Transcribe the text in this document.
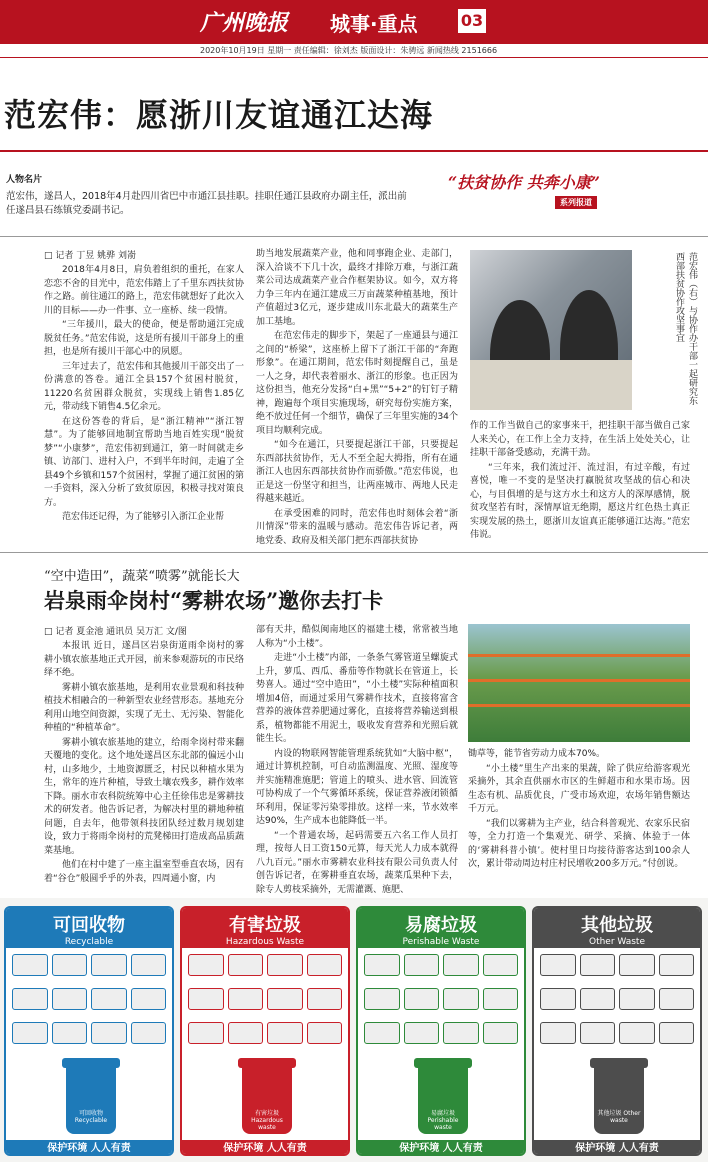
广州晚报 城事·重点	03
2020年10月19日 星期一 责任编辑：徐刘杰 版面设计：朱骋远 新闻热线 2151666
范宏伟：愿浙川友谊通江达海
人物名片
范宏伟，遂昌人，2018年4月赴四川省巴中市通江县挂职。挂职任通江县政府办副主任，派出前任遂昌县石练镇党委副书记。
“扶贫协作 共奔小康”
系列报道
□ 记者 丁昱 姚骅 刘嵛

2018年4月8日，肩负着组织的重托，在家人恋恋不舍的目光中，范宏伟踏上了千里东西扶贫协作之路。前往通江的路上，范宏伟就想好了此次入川的目标——办一件事、立一座桥、续一段情。

“三年援川，最大的使命，便是帮助通江完成脱贫任务。”范宏伟说，这是所有援川干部身上的重担，也是所有援川干部心中的夙愿。

三年过去了，范宏伟和其他援川干部交出了一份满意的答卷。通江全县157个贫困村脱贫，11220名贫困群众脱贫，实现线上销售1.85亿元，带动线下销售4.5亿余元。

在这份答卷的背后，是“浙江精神”“浙江智慧”。为了能够回地制宜帮助当地百姓实现“脱贫梦”“小康梦”，范宏伟初到通江，第一时间就走乡镇、访部门、进村入户，不到半年时间，走遍了全县49个乡镇和157个贫困村，掌握了通江贫困的第一手资料，深入分析了致贫原因，积极寻找对策良方。

范宏伟还记得，为了能够引入浙江企业帮

助当地发展蔬菜产业，他和同事跑企业、走部门，深入洽谈不下几十次，最终才排除万难，与浙江蔬菜公司达成蔬菜产业合作框架协议。如今，双方将力争三年内在通江建成三万亩蔬菜种植基地，预计产值超过3亿元，逐步建成川东北最大的蔬菜生产加工基地。

在范宏伟走的脚步下，架起了一座通县与通江之间的“桥梁”，这座桥上留下了浙江干部的“奔跑形象”。在通江期间，范宏伟时刻提醒自己，虽是一人之身，却代表着丽水、浙江的形象。也正因为这份担当，他充分发扬“白+黑”“5+2”的钉钉子精神，跑遍每个项目实施现场，研究每份实施方案，绝不放过任何一个细节，确保了三年里实施的34个项目均顺利完成。

“如今在通江，只要提起浙江干部，只要提起东西部扶贫协作，无人不至全起大拇指，所有在通浙江人也因东西部扶贫协作而骄傲。”范宏伟说，也正是这一份坚守和担当，让两座城市、两地人民走得越来越近。

在承受困难的同时，范宏伟也时刻体会着“浙川情深”带来的温暖与感动。范宏伟告诉记者，两地党委、政府及相关部门把东西部扶贫协

范宏伟（右）与协作办干部一起研究东西部扶贫协作攻坚事宜

作的工作当做自己的家事来干，把挂职干部当做自己家人来关心，在工作上全力支持，在生活上处处关心，让挂职干部备受感动，充满干劲。

“三年来，我们流过汗、流过泪，有过辛酸，有过喜悦，唯一不变的是坚决打赢脱贫攻坚战的信心和决心，与目俱增的是与这方水土和这方人的深厚感情，脱贫攻坚若有时，深情厚谊无绝期，愿这片红色热土真正实现发展的热土，愿浙川友谊真正能够通江达海。”范宏伟说。

“空中造田”，蔬菜“喷雾”就能长大
岩泉雨伞岗村“雾耕农场”邀你去打卡
□ 记者 夏金池 通讯员 吴万汇 文/图

本报讯 近日，遂昌区岩泉街道雨伞岗村的雾耕小镇农旅基地正式开园，前来参观游玩的市民络绎不绝。

雾耕小镇农旅基地，是利用农业景观和科技种植技术相融合的一种新型农业经营形态。基地充分利用山地空间资源，实现了无土、无污染、智能化种植的“种植革命”。

雾耕小镇农旅基地的建立，给雨伞岗村带来翻天覆地的变化。这个地处遂昌区东北部的偏远小山村，山多地少，土地资源匮乏，村民以种植水果为生，常年的连片种植，导致土壤农残多，耕作效率下降。丽水市农科院统筹中心主任徐伟忠是雾耕技术的研发者。他告诉记者，为解决村里的耕地种植问题，自去年，他带领科技团队经过数月规划建设，致力于将雨伞岗村的荒凳梯田打造成高品质蔬菜基地。

他们在村中建了一座主温室型垂直农场，因有着“谷仓”般圆乎乎的外表，四周通小窗，内

部有天井，酷似闽南地区的福建土楼，常常被当地人称为“小土楼”。

走进“小土楼”内部，一条条气雾管道呈螺旋式上升，萝瓜、西瓜、番茄等作物就长在管道上，长势喜人。通过“空中造田”，“小土楼”实际种植面积增加4倍，而通过采用气雾耕作技术，直接将富含营养的液体营养肥通过雾化，直接将营养输送到根系，植物都能不用泥土，吸收发育营养和光照后就能生长。

内设的物联网智能管理系统犹如“大脑中枢”，通过计算机控制，可自动监测温度、光照、湿度等并实施精准施肥；管道上的喷头、进水管、回流管可协构成了一个气雾循环系统，保证营养液闭锁循环利用，保证零污染零排放。这样一来，节水效率达90%，生产成本也能降低一半。

“一个普通农场，起码需要五六名工作人员打理，按每人日工资150元算，每天光人力成本就得八九百元。”丽水市雾耕农业科技有限公司负责人付创告诉记者，在雾耕垂直农场，蔬菜瓜果种下去，除专人剪枝采摘外，无需灌溉、施肥、

锄草等，能节省劳动力成本70%。

“小土楼”里生产出来的果蔬，除了供应给游客观光采摘外，其余直供丽水市区的生鲜超市和水果市场。因生态有机、品质优良，广受市场欢迎，农场年销售额达千万元。

“我们以雾耕为主产业，结合科普观光、农家乐民宿等，全力打造一个集观光、研学、采摘、体验于一体的‘雾耕科普小镇’。使村里日均接待游客达到100余人次，累计带动周边村庄村民增收200多万元。”付创说。

可回收物
Recyclable
可回收物 Recyclable
保护环境 人人有责
有害垃圾
Hazardous Waste
有害垃圾 Hazardous waste
保护环境 人人有责
易腐垃圾
Perishable Waste
易腐垃圾 Perishable waste
保护环境 人人有责
其他垃圾
Other Waste
其他垃圾 Other waste
保护环境 人人有责
